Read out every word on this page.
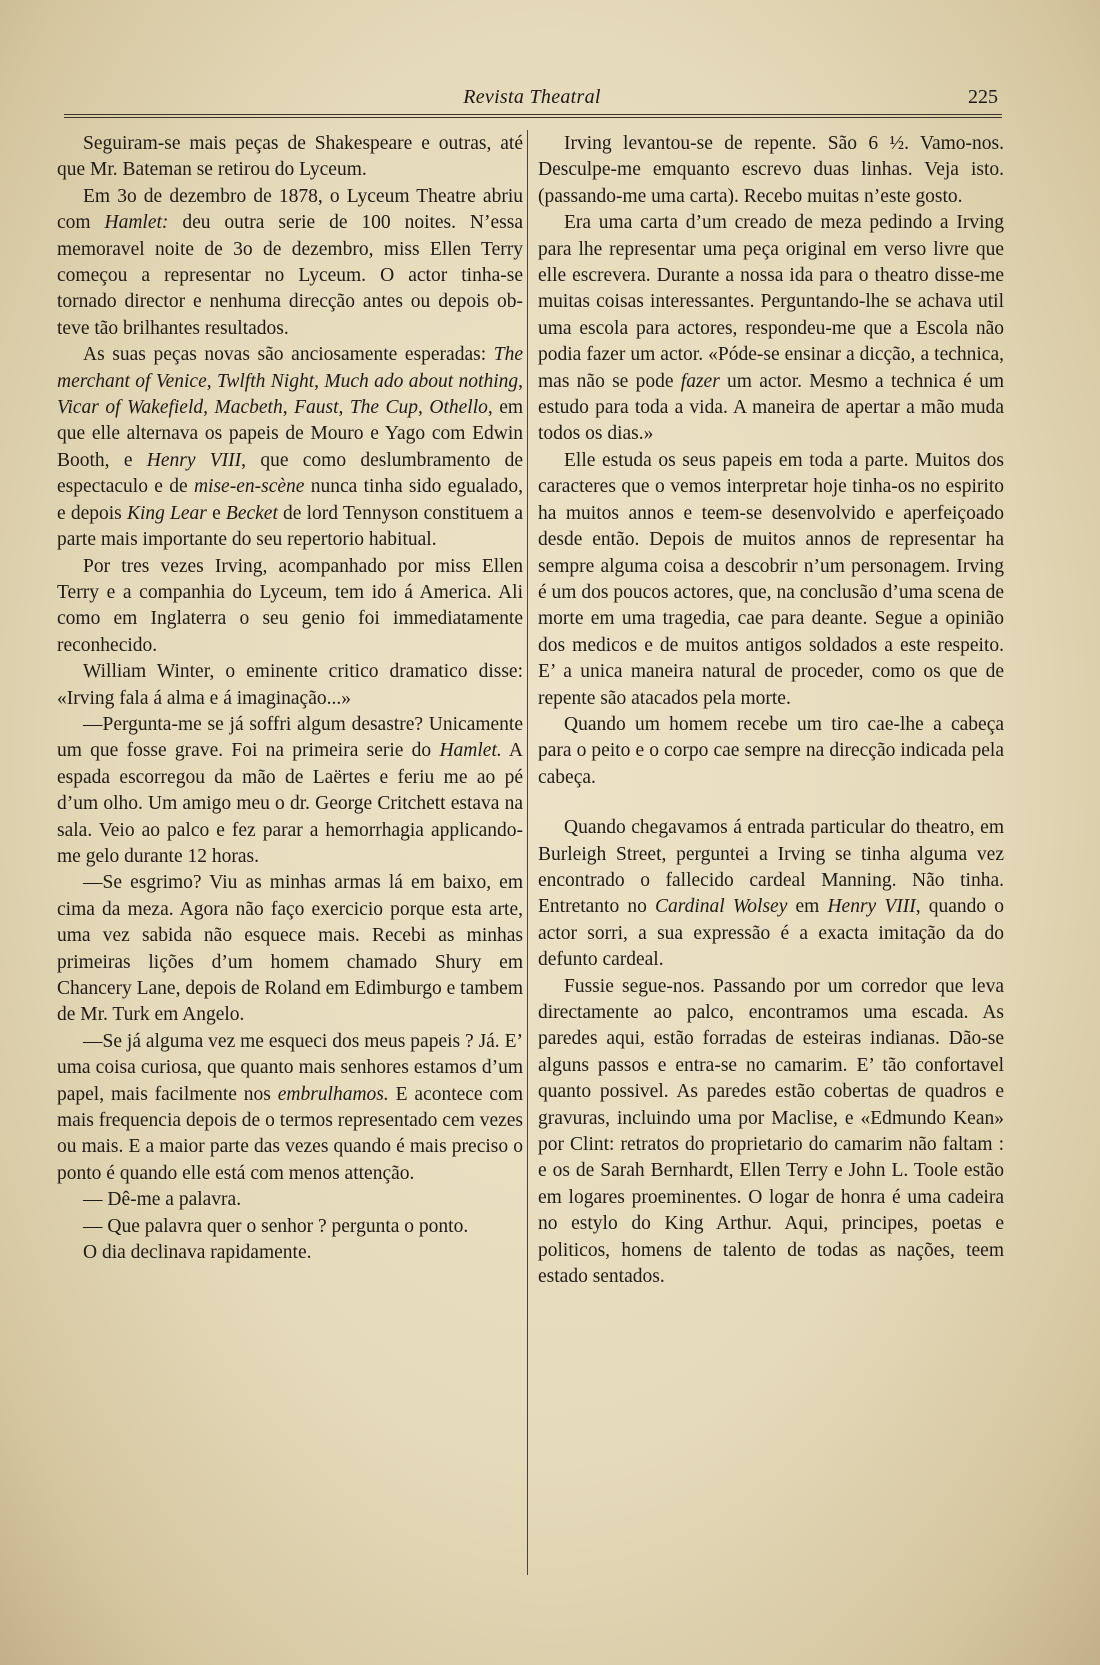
Revista Theatral	225

Seguiram-se mais peças de Shakespeare e outras, até que Mr. Bateman se retirou do Lyceum.

Em 3o de dezembro de 1878, o Lyceum Theatre abriu com Hamlet: deu outra serie de 100 noites. N’essa memoravel noite de 3o de dezembro, miss Ellen Terry começou a representar no Lyceum. O actor tinha-se tornado director e nenhuma direcção antes ou depois obteve tão brilhantes resultados.

As suas peças novas são anciosamente esperadas: The merchant of Venice, Twlfth Night, Much ado about nothing, Vicar of Wakefield, Macbeth, Faust, The Cup, Othello, em que elle alternava os papeis de Mouro e Yago com Edwin Booth, e Henry VIII, que como deslumbramento de espectaculo e de mise-en-scène nunca tinha sido egualado, e depois King Lear e Becket de lord Tennyson constituem a parte mais importante do seu repertorio habitual.

Por tres vezes Irving, acompanhado por miss Ellen Terry e a companhia do Lyceum, tem ido á America. Ali como em Inglaterra o seu genio foi immediatamente reconhecido.

William Winter, o eminente critico dramatico disse: «Irving fala á alma e á imaginação...»

—Pergunta-me se já soffri algum desastre? Unicamente um que fosse grave. Foi na primeira serie do Hamlet. A espada escorregou da mão de Laërtes e feriu me ao pé d’um olho. Um amigo meu o dr. George Critchett estava na sala. Veio ao palco e fez parar a hemorrhagia applicando-me gelo durante 12 horas.

—Se esgrimo? Viu as minhas armas lá em baixo, em cima da meza. Agora não faço exercicio porque esta arte, uma vez sabida não esquece mais. Recebi as minhas primeiras lições d’um homem chamado Shury em Chancery Lane, depois de Roland em Edimburgo e tambem de Mr. Turk em Angelo.

—Se já alguma vez me esqueci dos meus papeis ? Já. E’ uma coisa curiosa, que quanto mais senhores estamos d’um papel, mais facilmente nos embrulhamos. E acontece com mais frequencia depois de o termos representado cem vezes ou mais. E a maior parte das vezes quando é mais preciso o ponto é quando elle está com menos attenção.

— Dê-me a palavra.

— Que palavra quer o senhor ? pergunta o ponto.

O dia declinava rapidamente.

Irving levantou-se de repente. São 6 ½. Vamo-nos. Desculpe-me emquanto escrevo duas linhas. Veja isto. (passando-me uma carta). Recebo muitas n’este gosto.

Era uma carta d’um creado de meza pedindo a Irving para lhe representar uma peça original em verso livre que elle escrevera. Durante a nossa ida para o theatro disse-me muitas coisas interessantes. Perguntando-lhe se achava util uma escola para actores, respondeu-me que a Escola não podia fazer um actor. «Póde-se ensinar a dicção, a technica, mas não se pode fazer um actor. Mesmo a technica é um estudo para toda a vida. A maneira de apertar a mão muda todos os dias.»

Elle estuda os seus papeis em toda a parte. Muitos dos caracteres que o vemos interpretar hoje tinha-os no espirito ha muitos annos e teem-se desenvolvido e aperfeiçoado desde então. Depois de muitos annos de representar ha sempre alguma coisa a descobrir n’um personagem. Irving é um dos poucos actores, que, na conclusão d’uma scena de morte em uma tragedia, cae para deante. Segue a opinião dos medicos e de muitos antigos soldados a este respeito. E’ a unica maneira natural de proceder, como os que de repente são atacados pela morte.

Quando um homem recebe um tiro cae-lhe a cabeça para o peito e o corpo cae sempre na direcção indicada pela cabeça.

Quando chegavamos á entrada particular do theatro, em Burleigh Street, perguntei a Irving se tinha alguma vez encontrado o fallecido cardeal Manning. Não tinha. Entretanto no Cardinal Wolsey em Henry VIII, quando o actor sorri, a sua expressão é a exacta imitação da do defunto cardeal.

Fussie segue-nos. Passando por um corredor que leva directamente ao palco, encontramos uma escada. As paredes aqui, estão forradas de esteiras indianas. Dão-se alguns passos e entra-se no camarim. E’ tão confortavel quanto possivel. As paredes estão cobertas de quadros e gravuras, incluindo uma por Maclise, e «Edmundo Kean» por Clint: retratos do proprietario do camarim não faltam : e os de Sarah Bernhardt, Ellen Terry e John L. Toole estão em logares proeminentes. O logar de honra é uma cadeira no estylo do King Arthur. Aqui, principes, poetas e politicos, homens de talento de todas as nações, teem estado sentados.
